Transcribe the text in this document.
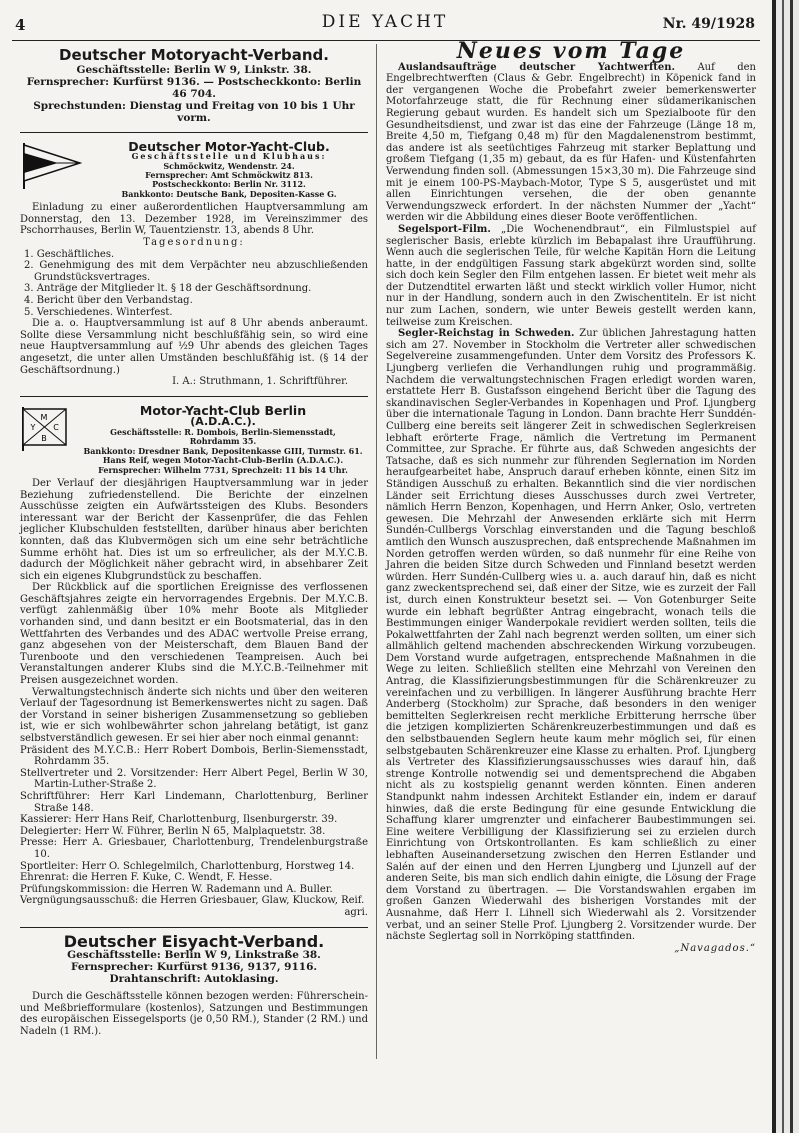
4	DIE YACHT	Nr. 49/1928
Deutscher Motoryacht-Verband.
Geschäftsstelle: Berlin W 9, Linkstr. 38.
Fernsprecher: Kurfürst 9136. — Postscheckkonto: Berlin 46 704.
Sprechstunden: Dienstag und Freitag von 10 bis 1 Uhr vorm.
Deutscher Motor-Yacht-Club.
Geschäftsstelle und Klubhaus:
Schmöckwitz, Wendenstr. 24.
Fernsprecher: Amt Schmöckwitz 813.
Postscheckkonto: Berlin Nr. 3112.
Bankkonto: Deutsche Bank, Depositen-Kasse G.

Einladung zu einer außerordentlichen Hauptversammlung am Donnerstag, den 13. Dezember 1928, im Vereinszimmer des Pschorrhauses, Berlin W, Tauentzienstr. 13, abends 8 Uhr.

Tagesordnung:

1. Geschäftliches.

2. Genehmigung des mit dem Verpächter neu abzuschließenden Grundstücksvertrages.

3. Anträge der Mitglieder lt. § 18 der Geschäftsordnung.

4. Bericht über den Verbandstag.

5. Verschiedenes. Winterfest.

Die a. o. Hauptversammlung ist auf 8 Uhr abends anberaumt. Sollte diese Versammlung nicht beschlußfähig sein, so wird eine neue Hauptversammlung auf ½9 Uhr abends des gleichen Tages angesetzt, die unter allen Umständen beschlußfähig ist. (§ 14 der Geschäftsordnung.)

I. A.: Struthmann, 1. Schriftführer.

M
Y C
B
Motor-Yacht-Club Berlin
(A.D.A.C.).
Geschäftsstelle: R. Dombois, Berlin-Siemensstadt,
Rohrdamm 35.
Bankkonto: Dresdner Bank, Depositenkasse GIII, Turmstr. 61.
Hans Reif, wegen Motor-Yacht-Club-Berlin (A.D.A.C.).
Fernsprecher: Wilhelm 7731, Sprechzeit: 11 bis 14 Uhr.

Der Verlauf der diesjährigen Hauptversammlung war in jeder Beziehung zufriedenstellend. Die Berichte der einzelnen Ausschüsse zeigten ein Aufwärtssteigen des Klubs. Besonders interessant war der Bericht der Kassenprüfer, die das Fehlen jeglicher Klubschulden feststellten, darüber hinaus aber berichten konnten, daß das Klubvermögen sich um eine sehr beträchtliche Summe erhöht hat. Dies ist um so erfreulicher, als der M.Y.C.B. dadurch der Möglichkeit näher gebracht wird, in absehbarer Zeit sich ein eigenes Klubgrundstück zu beschaffen.

Der Rückblick auf die sportlichen Ereignisse des verflossenen Geschäftsjahres zeigte ein hervorragendes Ergebnis. Der M.Y.C.B. verfügt zahlenmäßig über 10% mehr Boote als Mitglieder vorhanden sind, und dann besitzt er ein Bootsmaterial, das in den Wettfahrten des Verbandes und des ADAC wertvolle Preise errang, ganz abgesehen von der Meisterschaft, dem Blauen Band der Turenboote und den verschiedenen Teampreisen. Auch bei Veranstaltungen anderer Klubs sind die M.Y.C.B.-Teilnehmer mit Preisen ausgezeichnet worden.

Verwaltungstechnisch änderte sich nichts und über den weiteren Verlauf der Tagesordnung ist Bemerkenswertes nicht zu sagen. Daß der Vorstand in seiner bisherigen Zusammensetzung so geblieben ist, wie er sich wohlbewährter schon jahrelang betätigt, ist ganz selbstverständlich gewesen. Er sei hier aber noch einmal genannt:

Präsident des M.Y.C.B.: Herr Robert Dombois, Berlin-Siemensstadt, Rohrdamm 35.

Stellvertreter und 2. Vorsitzender: Herr Albert Pegel, Berlin W 30, Martin-Luther-Straße 2.

Schriftführer: Herr Karl Lindemann, Charlottenburg, Berliner Straße 148.

Kassierer: Herr Hans Reif, Charlottenburg, Ilsenburgerstr. 39.

Delegierter: Herr W. Führer, Berlin N 65, Malplaquetstr. 38.

Presse: Herr A. Griesbauer, Charlottenburg, Trendelenburgstraße 10.

Sportleiter: Herr O. Schlegelmilch, Charlottenburg, Horstweg 14.

Ehrenrat: die Herren F. Kuke, C. Wendt, F. Hesse.

Prüfungskommission: die Herren W. Rademann und A. Buller.

Vergnügungsausschuß: die Herren Griesbauer, Glaw, Kluckow, Reif.

agri.

Deutscher Eisyacht-Verband.
Geschäftsstelle: Berlin W 9, Linkstraße 38.
Fernsprecher: Kurfürst 9136, 9137, 9116.
Drahtanschrift: Autoklasing.

Durch die Geschäftsstelle können bezogen werden: Führerschein- und Meßbriefformulare (kostenlos), Satzungen und Bestimmungen des europäischen Eissegelsports (je 0,50 RM.), Stander (2 RM.) und Nadeln (1 RM.).

Neues vom Tage

Auslandsaufträge deutscher Yachtwerften. Auf den Engelbrechtwerften (Claus & Gebr. Engelbrecht) in Köpenick fand in der vergangenen Woche die Probefahrt zweier bemerkenswerter Motorfahrzeuge statt, die für Rechnung einer südamerikanischen Regierung gebaut wurden. Es handelt sich um Spezialboote für den Gesundheitsdienst, und zwar ist das eine der Fahrzeuge (Länge 18 m, Breite 4,50 m, Tiefgang 0,48 m) für den Magdalenenstrom bestimmt, das andere ist als seetüchtiges Fahrzeug mit starker Beplattung und großem Tiefgang (1,35 m) gebaut, da es für Hafen- und Küstenfahrten Verwendung finden soll. (Abmessungen 15×3,30 m). Die Fahrzeuge sind mit je einem 100-PS-Maybach-Motor, Type S 5, ausgerüstet und mit allen Einrichtungen versehen, die der oben genannte Verwendungszweck erfordert. In der nächsten Nummer der „Yacht“ werden wir die Abbildung eines dieser Boote veröffentlichen.

Segelsport-Film. „Die Wochenendbraut“, ein Filmlustspiel auf seglerischer Basis, erlebte kürzlich im Bebapalast ihre Uraufführung. Wenn auch die seglerischen Teile, für welche Kapitän Horn die Leitung hatte, in der endgültigen Fassung stark abgekürzt worden sind, sollte sich doch kein Segler den Film entgehen lassen. Er bietet weit mehr als der Dutzendtitel erwarten läßt und steckt wirklich voller Humor, nicht nur in der Handlung, sondern auch in den Zwischentiteln. Er ist nicht nur zum Lachen, sondern, wie unter Beweis gestellt werden kann, teilweise zum Kreischen.

Segler-Reichstag in Schweden. Zur üblichen Jahrestagung hatten sich am 27. November in Stockholm die Vertreter aller schwedischen Segelvereine zusammengefunden. Unter dem Vorsitz des Professors K. Ljungberg verliefen die Verhandlungen ruhig und programmäßig. Nachdem die verwaltungstechnischen Fragen erledigt worden waren, erstattete Herr B. Gustafsson eingehend Bericht über die Tagung des skandinavischen Segler-Verbandes in Kopenhagen und Prof. Ljungberg über die internationale Tagung in London. Dann brachte Herr Sunddén-Cullberg eine bereits seit längerer Zeit in schwedischen Seglerkreisen lebhaft erörterte Frage, nämlich die Vertretung im Permanent Committee, zur Sprache. Er führte aus, daß Schweden angesichts der Tatsache, daß es sich nunmehr zur führenden Seglernation im Norden heraufgearbeitet habe, Anspruch darauf erheben könnte, einen Sitz im Ständigen Ausschuß zu erhalten. Bekanntlich sind die vier nordischen Länder seit Errichtung dieses Ausschusses durch zwei Vertreter, nämlich Herrn Benzon, Kopenhagen, und Herrn Anker, Oslo, vertreten gewesen. Die Mehrzahl der Anwesenden erklärte sich mit Herrn Sundén-Cullbergs Vorschlag einverstanden und die Tagung beschloß amtlich den Wunsch auszusprechen, daß entsprechende Maßnahmen im Norden getroffen werden würden, so daß nunmehr für eine Reihe von Jahren die beiden Sitze durch Schweden und Finnland besetzt werden würden. Herr Sundén-Cullberg wies u. a. auch darauf hin, daß es nicht ganz zweckentsprechend sei, daß einer der Sitze, wie es zurzeit der Fall ist, durch einen Konstrukteur besetzt sei. — Von Gotenburger Seite wurde ein lebhaft begrüßter Antrag eingebracht, wonach teils die Bestimmungen einiger Wanderpokale revidiert werden sollten, teils die Pokalwettfahrten der Zahl nach begrenzt werden sollten, um einer sich allmählich geltend machenden abschreckenden Wirkung vorzubeugen. Dem Vorstand wurde aufgetragen, entsprechende Maßnahmen in die Wege zu leiten. Schließlich stellten eine Mehrzahl von Vereinen den Antrag, die Klassifizierungsbestimmungen für die Schärenkreuzer zu vereinfachen und zu verbilligen. In längerer Ausführung brachte Herr Anderberg (Stockholm) zur Sprache, daß besonders in den weniger bemittelten Seglerkreisen recht merkliche Erbitterung herrsche über die jetzigen komplizierten Schärenkreuzerbestimmungen und daß es den selbstbauenden Seglern heute kaum mehr möglich sei, für einen selbstgebauten Schärenkreuzer eine Klasse zu erhalten. Prof. Ljungberg als Vertreter des Klassifizierungsausschusses wies darauf hin, daß strenge Kontrolle notwendig sei und dementsprechend die Abgaben nicht als zu kostspielig genannt werden könnten. Einen anderen Standpunkt nahm indessen Architekt Estlander ein, indem er darauf hinwies, daß die erste Bedingung für eine gesunde Entwicklung die Schaffung klarer umgrenzter und einfacherer Baubestimmungen sei. Eine weitere Verbilligung der Klassifizierung sei zu erzielen durch Einrichtung von Ortskontrollanten. Es kam schließlich zu einer lebhaften Auseinandersetzung zwischen den Herren Estlander und Salén auf der einen und den Herren Ljungberg und Ljunzell auf der anderen Seite, bis man sich endlich dahin einigte, die Lösung der Frage dem Vorstand zu übertragen. — Die Vorstandswahlen ergaben im großen Ganzen Wiederwahl des bisherigen Vorstandes mit der Ausnahme, daß Herr I. Lihnell sich Wiederwahl als 2. Vorsitzender verbat, und an seiner Stelle Prof. Ljungberg 2. Vorsitzender wurde. Der nächste Seglertag soll in Norrköping stattfinden.

„Navagados.“
